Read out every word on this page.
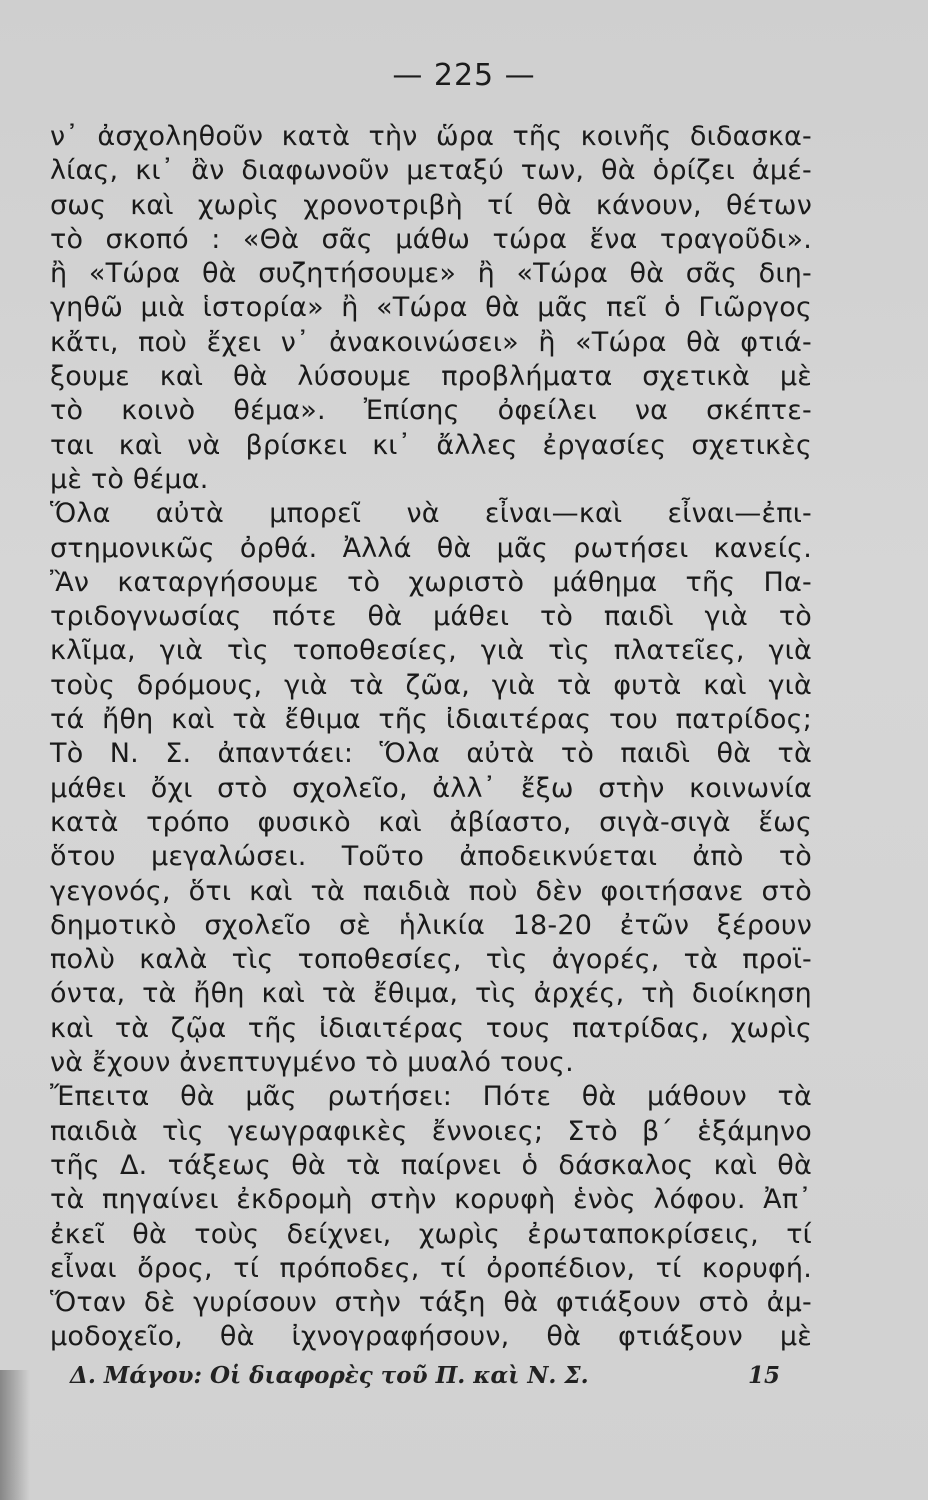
— 225 —
ν᾿ ἀσχοληθοῦν κατὰ τὴν ὥρα τῆς κοινῆς διδασκα-
λίας, κι᾿ ἂν διαφωνοῦν μεταξύ των, θὰ ὁρίζει ἀμέ-
σως καὶ χωρὶς χρονοτριβὴ τί θὰ κάνουν, θέτων
τὸ σκοπό : «Θὰ σᾶς μάθω τώρα ἕνα τραγοῦδι».
ἢ «Τώρα θὰ συζητήσουμε» ἢ «Τώρα θὰ σᾶς διη-
γηθῶ μιὰ ἱστορία» ἢ «Τώρα θὰ μᾶς πεῖ ὁ Γιῶργος
κἄτι, ποὺ ἔχει ν᾿ ἀνακοινώσει» ἢ «Τώρα θὰ φτιά-
ξουμε καὶ θὰ λύσουμε προβλήματα σχετικὰ μὲ
τὸ κοινὸ θέμα». Ἐπίσης ὀφείλει να σκέπτε-
ται καὶ νὰ βρίσκει κι᾿ ἄλλες ἐργασίες σχετικὲς
μὲ τὸ θέμα.
Ὅλα αὐτὰ μπορεῖ νὰ εἶναι—καὶ εἶναι—ἐπι-
στημονικῶς ὀρθά. Ἀλλά θὰ μᾶς ρωτήσει κανείς.
Ἂν καταργήσουμε τὸ χωριστὸ μάθημα τῆς Πα-
τριδογνωσίας πότε θὰ μάθει τὸ παιδὶ γιὰ τὸ
κλῖμα, γιὰ τὶς τοποθεσίες, γιὰ τὶς πλατεῖες, γιὰ
τοὺς δρόμους, γιὰ τὰ ζῶα, γιὰ τὰ φυτὰ καὶ γιὰ
τά ἤθη καὶ τὰ ἔθιμα τῆς ἰδιαιτέρας του πατρίδος;
Τὸ Ν. Σ. ἀπαντάει: Ὅλα αὐτὰ τὸ παιδὶ θὰ τὰ
μάθει ὄχι στὸ σχολεῖο, ἀλλ᾿ ἔξω στὴν κοινωνία
κατὰ τρόπο φυσικὸ καὶ ἀβίαστο, σιγὰ-σιγὰ ἕως
ὅτου μεγαλώσει. Τοῦτο ἀποδεικνύεται ἀπὸ τὸ
γεγονός, ὅτι καὶ τὰ παιδιὰ ποὺ δὲν φοιτήσανε στὸ
δημοτικὸ σχολεῖο σὲ ἡλικία 18-20 ἐτῶν ξέρουν
πολὺ καλὰ τὶς τοποθεσίες, τὶς ἀγορές, τὰ προϊ-
όντα, τὰ ἤθη καὶ τὰ ἔθιμα, τὶς ἀρχές, τὴ διοίκηση
καὶ τὰ ζῷα τῆς ἰδιαιτέρας τους πατρίδας, χωρὶς
νὰ ἔχουν ἀνεπτυγμένο τὸ μυαλό τους.
Ἔπειτα θὰ μᾶς ρωτήσει: Πότε θὰ μάθουν τὰ
παιδιὰ τὶς γεωγραφικὲς ἔννοιες; Στὸ β´ ἑξάμηνο
τῆς Δ. τάξεως θὰ τὰ παίρνει ὁ δάσκαλος καὶ θὰ
τὰ πηγαίνει ἐκδρομὴ στὴν κορυφὴ ἑνὸς λόφου. Ἀπ᾿
ἐκεῖ θὰ τοὺς δείχνει, χωρὶς ἐρωταποκρίσεις, τί
εἶναι ὄρος, τί πρόποδες, τί ὀροπέδιον, τί κορυφή.
Ὅταν δὲ γυρίσουν στὴν τάξη θὰ φτιάξουν στὸ ἀμ-
μοδοχεῖο, θὰ ἰχνογραφήσουν, θὰ φτιάξουν μὲ
Δ. Μάγου: Οἱ διαφορὲς τοῦ Π. καὶ Ν. Σ.	15
